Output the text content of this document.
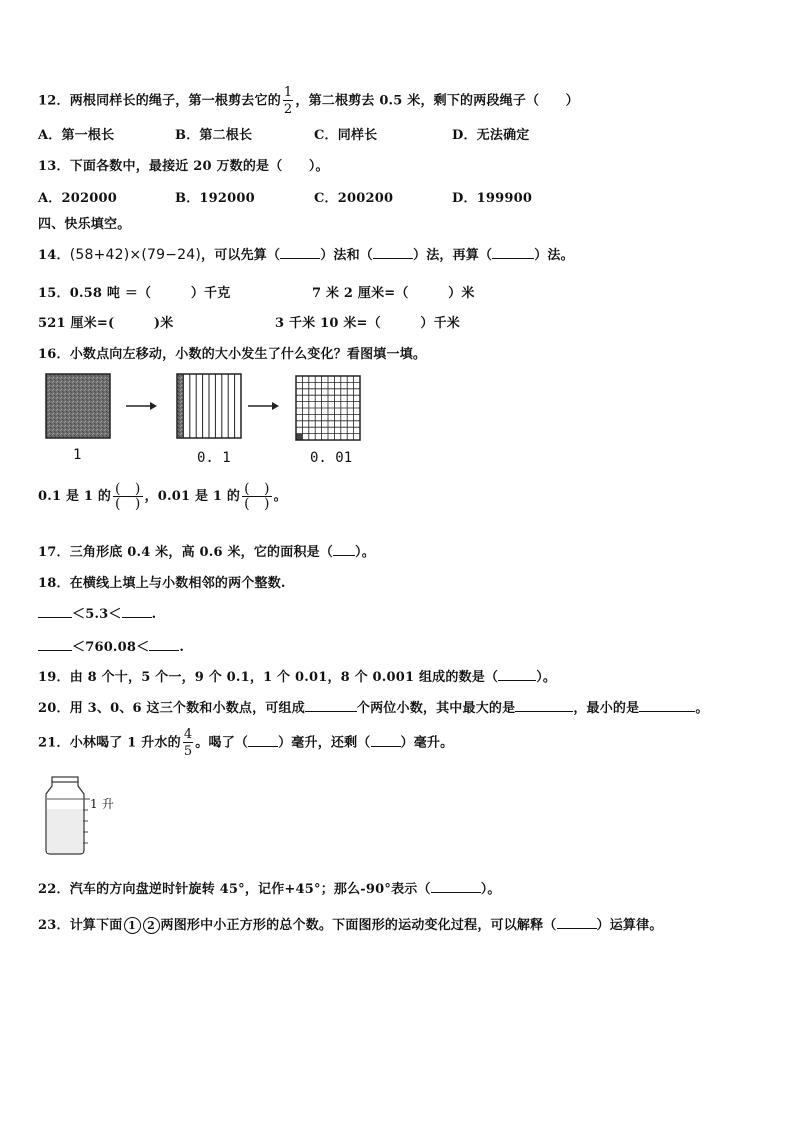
12．两根同样长的绳子，第一根剪去它的 $\frac{1}{2}$ ，第二根剪去 0.5 米，剩下的两段绳子（　　）
A．第一根长	B．第二根长	C．同样长	D．无法确定
13．下面各数中，最接近 20 万数的是（　　）。
A．202000	B．192000	C．200200	D．199900
四、快乐填空。
14．(58+42)×(79−24)，可以先算（	）法和（	）法，再算（	）法。
15．0.58 吨 ＝（　　　）千克	7 米 2 厘米=（　　　）米
521 厘米=(　　　)米	3 千米 10 米=（　　　）千米
16．小数点向左移动，小数的大小发生了什么变化？看图填一填。
1	0. 1	0. 01
0.1 是 1 的 $\frac{( )}{( )}$ ，0.01 是 1 的 $\frac{( )}{( )}$ 。
17．三角形底 0.4 米，高 0.6 米，它的面积是（ ）。
18．在横线上填上与小数相邻的两个整数.
＜5.3＜ .
＜760.08＜ .
19．由 8 个十，5 个一，9 个 0.1，1 个 0.01，8 个 0.001 组成的数是（	）。
20．用 3、0、6 这三个数和小数点，可组成	个两位小数，其中最大的是	，最小的是	。
21．小林喝了 1 升水的 $\frac{4}{5}$ 。喝了（ ）毫升，还剩（ ）毫升。
1 升
22．汽车的方向盘逆时针旋转 45°，记作+45°；那么-90°表示（	）。
23．计算下面 1 2 两图形中小正方形的总个数。下面图形的运动变化过程，可以解释（	）运算律。
